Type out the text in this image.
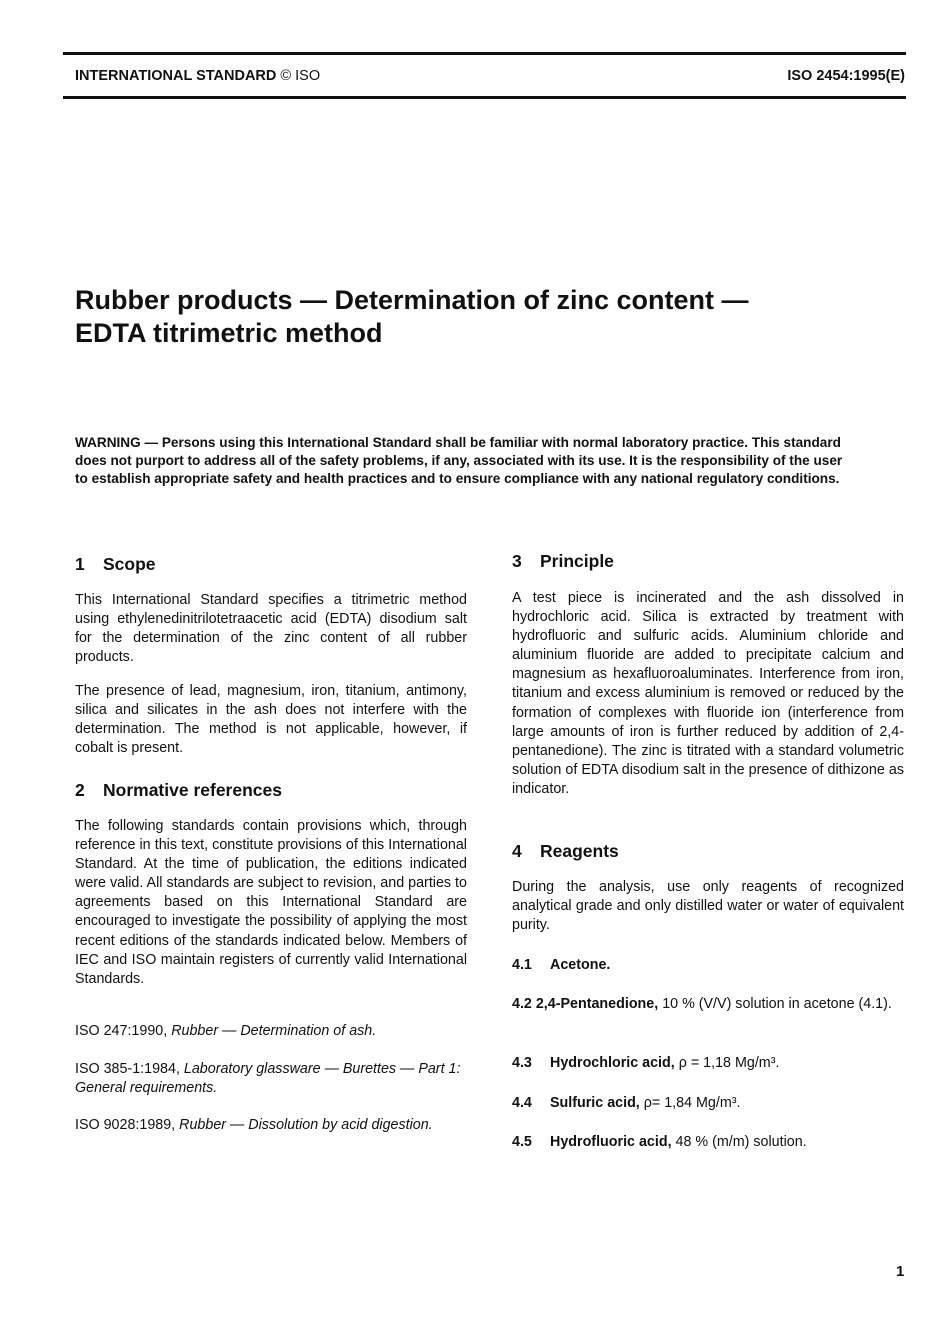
INTERNATIONAL STANDARD © ISO	ISO 2454:1995(E)
Rubber products — Determination of zinc content —
EDTA titrimetric method
WARNING — Persons using this International Standard shall be familiar with normal laboratory practice. This standard does not purport to address all of the safety problems, if any, associated with its use. It is the responsibility of the user to establish appropriate safety and health practices and to ensure compliance with any national regulatory conditions.
1 Scope

This International Standard specifies a titrimetric method using ethylenedinitrilotetraacetic acid (EDTA) disodium salt for the determination of the zinc content of all rubber products.

The presence of lead, magnesium, iron, titanium, antimony, silica and silicates in the ash does not interfere with the determination. The method is not applicable, however, if cobalt is present.

2 Normative references

The following standards contain provisions which, through reference in this text, constitute provisions of this International Standard. At the time of publication, the editions indicated were valid. All standards are subject to revision, and parties to agreements based on this International Standard are encouraged to investigate the possibility of applying the most recent editions of the standards indicated below. Members of IEC and ISO maintain registers of currently valid International Standards.

ISO 247:1990, Rubber — Determination of ash.

ISO 385-1:1984, Laboratory glassware — Burettes — Part 1: General requirements.

ISO 9028:1989, Rubber — Dissolution by acid digestion.

3 Principle

A test piece is incinerated and the ash dissolved in hydrochloric acid. Silica is extracted by treatment with hydrofluoric and sulfuric acids. Aluminium chloride and aluminium fluoride are added to precipitate calcium and magnesium as hexafluoroaluminates. Interference from iron, titanium and excess aluminium is removed or reduced by the formation of complexes with fluoride ion (interference from large amounts of iron is further reduced by addition of 2,4-pentanedione). The zinc is titrated with a standard volumetric solution of EDTA disodium salt in the presence of dithizone as indicator.

4 Reagents

During the analysis, use only reagents of recognized analytical grade and only distilled water or water of equivalent purity.

4.1 Acetone.

4.2 2,4-Pentanedione, 10 % (V/V) solution in acetone (4.1).

4.3 Hydrochloric acid, ρ = 1,18 Mg/m³.

4.4 Sulfuric acid, ρ= 1,84 Mg/m³.

4.5 Hydrofluoric acid, 48 % (m/m) solution.

1
